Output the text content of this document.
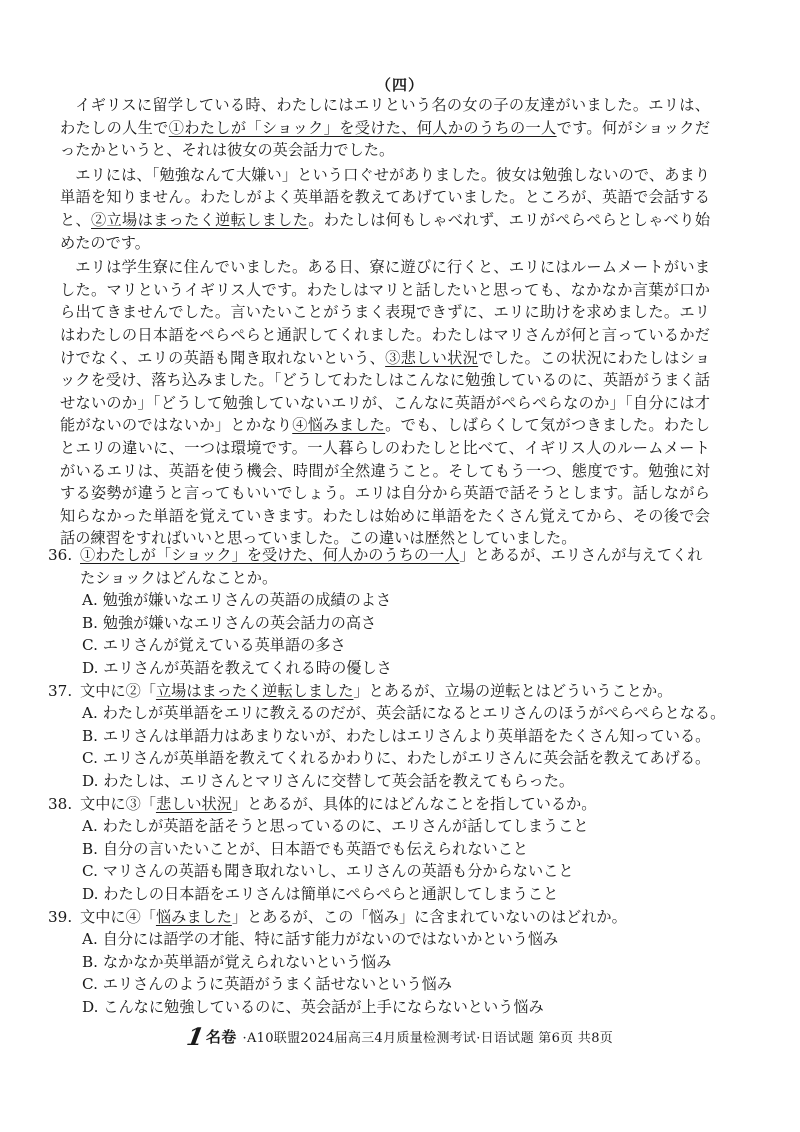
（四）

イギリスに留学している時、わたしにはエリという名の女の子の友達がいました。エリは、わたしの人生で①わたしが「ショック」を受けた、何人かのうちの一人です。何がショックだったかというと、それは彼女の英会話力でした。

エリには、「勉強なんて大嫌い」という口ぐせがありました。彼女は勉強しないので、あまり単語を知りません。わたしがよく英単語を教えてあげていました。ところが、英語で会話すると、②立場はまったく逆転しました。わたしは何もしゃべれず、エリがぺらぺらとしゃべり始めたのです。

エリは学生寮に住んでいました。ある日、寮に遊びに行くと、エリにはルームメートがいました。マリというイギリス人です。わたしはマリと話したいと思っても、なかなか言葉が口から出てきませんでした。言いたいことがうまく表現できずに、エリに助けを求めました。エリはわたしの日本語をぺらぺらと通訳してくれました。わたしはマリさんが何と言っているかだけでなく、エリの英語も聞き取れないという、③悲しい状況でした。この状況にわたしはショックを受け、落ち込みました。「どうしてわたしはこんなに勉強しているのに、英語がうまく話せないのか」「どうして勉強していないエリが、こんなに英語がぺらぺらなのか」「自分には才能がないのではないか」とかなり④悩みました。でも、しばらくして気がつきました。わたしとエリの違いに、一つは環境です。一人暮らしのわたしと比べて、イギリス人のルームメートがいるエリは、英語を使う機会、時間が全然違うこと。そしてもう一つ、態度です。勉強に対する姿勢が違うと言ってもいいでしょう。エリは自分から英語で話そうとします。話しながら知らなかった単語を覚えていきます。わたしは始めに単語をたくさん覚えてから、その後で会話の練習をすればいいと思っていました。この違いは歴然としていました。

36. ①わたしが「ショック」を受けた、何人かのうちの一人」とあるが、エリさんが与えてくれたショックはどんなことか。
A. 勉強が嫌いなエリさんの英語の成績のよさ
B. 勉強が嫌いなエリさんの英会話力の高さ
C. エリさんが覚えている英単語の多さ
D. エリさんが英語を教えてくれる時の優しさ
37. 文中に②「立場はまったく逆転しました」とあるが、立場の逆転とはどういうことか。
A. わたしが英単語をエリに教えるのだが、英会話になるとエリさんのほうがぺらぺらとなる。
B. エリさんは単語力はあまりないが、わたしはエリさんより英単語をたくさん知っている。
C. エリさんが英単語を教えてくれるかわりに、わたしがエリさんに英会話を教えてあげる。
D. わたしは、エリさんとマリさんに交替して英会話を教えてもらった。
38. 文中に③「悲しい状況」とあるが、具体的にはどんなことを指しているか。
A. わたしが英語を話そうと思っているのに、エリさんが話してしまうこと
B. 自分の言いたいことが、日本語でも英語でも伝えられないこと
C. マリさんの英語も聞き取れないし、エリさんの英語も分からないこと
D. わたしの日本語をエリさんは簡単にぺらぺらと通訳してしまうこと
39. 文中に④「悩みました」とあるが、この「悩み」に含まれていないのはどれか。
A. 自分には語学の才能、特に話す能力がないのではないかという悩み
B. なかなか英単語が覚えられないという悩み
C. エリさんのように英語がうまく話せないという悩み
D. こんなに勉強しているのに、英会話が上手にならないという悩み
1名卷 ·A10联盟2024届高三4月质量检测考试·日语试题 第6页 共8页
